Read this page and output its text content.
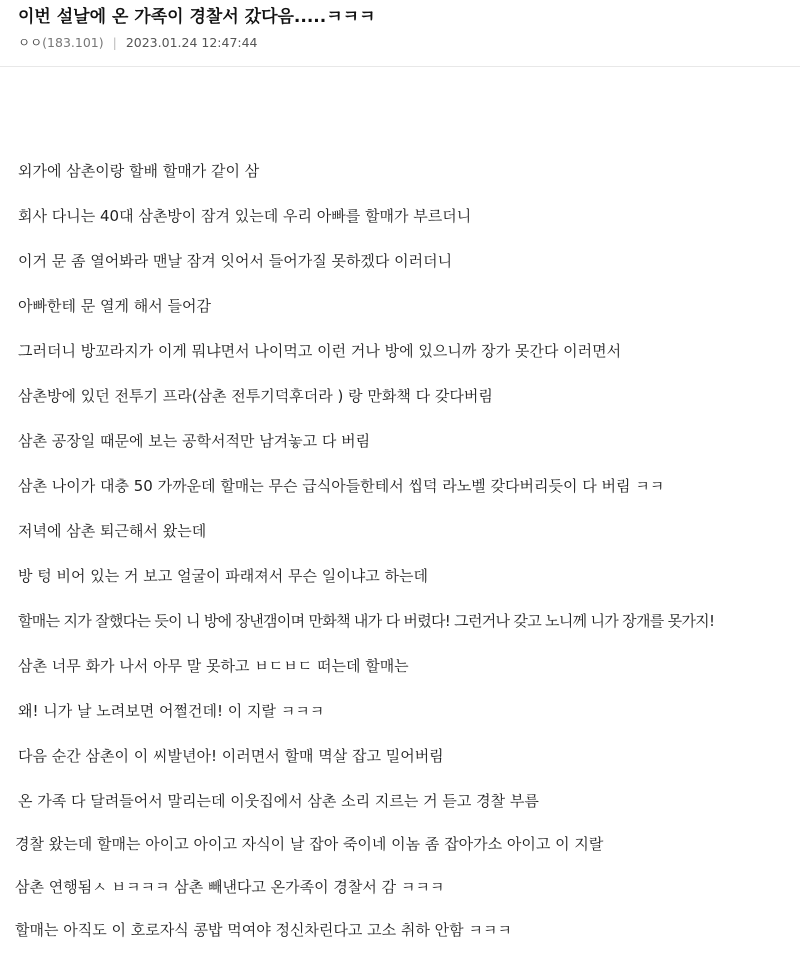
이번 설날에 온 가족이 경찰서 갔다음.....ㅋㅋㅋ
ㅇㅇ(183.101) | 2023.01.24 12:47:44
외가에 삼촌이랑 할배 할매가 같이 삼
회사 다니는 40대 삼촌방이 잠겨 있는데 우리 아빠를 할매가 부르더니
이거 문 좀 열어봐라 맨날 잠겨 잇어서 들어가질 못하겠다 이러더니
아빠한테 문 열게 해서 들어감
그러더니 방꼬라지가 이게 뭐냐면서 나이먹고 이런 거나 방에 있으니까 장가 못간다 이러면서
삼촌방에 있던 전투기 프라(삼촌 전투기덕후더라 ) 랑 만화책 다 갖다버림
삼촌 공장일 때문에 보는 공학서적만 남겨놓고 다 버림
삼촌 나이가 대충 50 가까운데 할매는 무슨 급식아들한테서 씹덕 라노벨 갖다버리듯이 다 버림 ㅋㅋ
저녁에 삼촌 퇴근해서 왔는데
방 텅 비어 있는 거 보고 얼굴이 파래져서 무슨 일이냐고 하는데
할매는 지가 잘했다는 듯이 니 방에 장낸갬이며 만화책 내가 다 버렸다! 그런거나 갖고 노니께 니가 장개를 못가지!
삼촌 너무 화가 나서 아무 말 못하고 ㅂㄷㅂㄷ 떠는데 할매는
왜! 니가 날 노려보면 어쩔건데! 이 지랄 ㅋㅋㅋ
다음 순간 삼촌이 이 씨발년아! 이러면서 할매 멱살 잡고 밀어버림
온 가족 다 달려들어서 말리는데 이웃집에서 삼촌 소리 지르는 거 듣고 경찰 부름
경찰 왔는데 할매는 아이고 아이고 자식이 날 잡아 죽이네 이놈 좀 잡아가소 아이고 이 지랄
삼촌 연행됨ㅅ ㅂㅋㅋㅋ 삼촌 빼낸다고 온가족이 경찰서 감 ㅋㅋㅋ
할매는 아직도 이 호로자식 콩밥 먹여야 정신차린다고 고소 취하 안함 ㅋㅋㅋ
